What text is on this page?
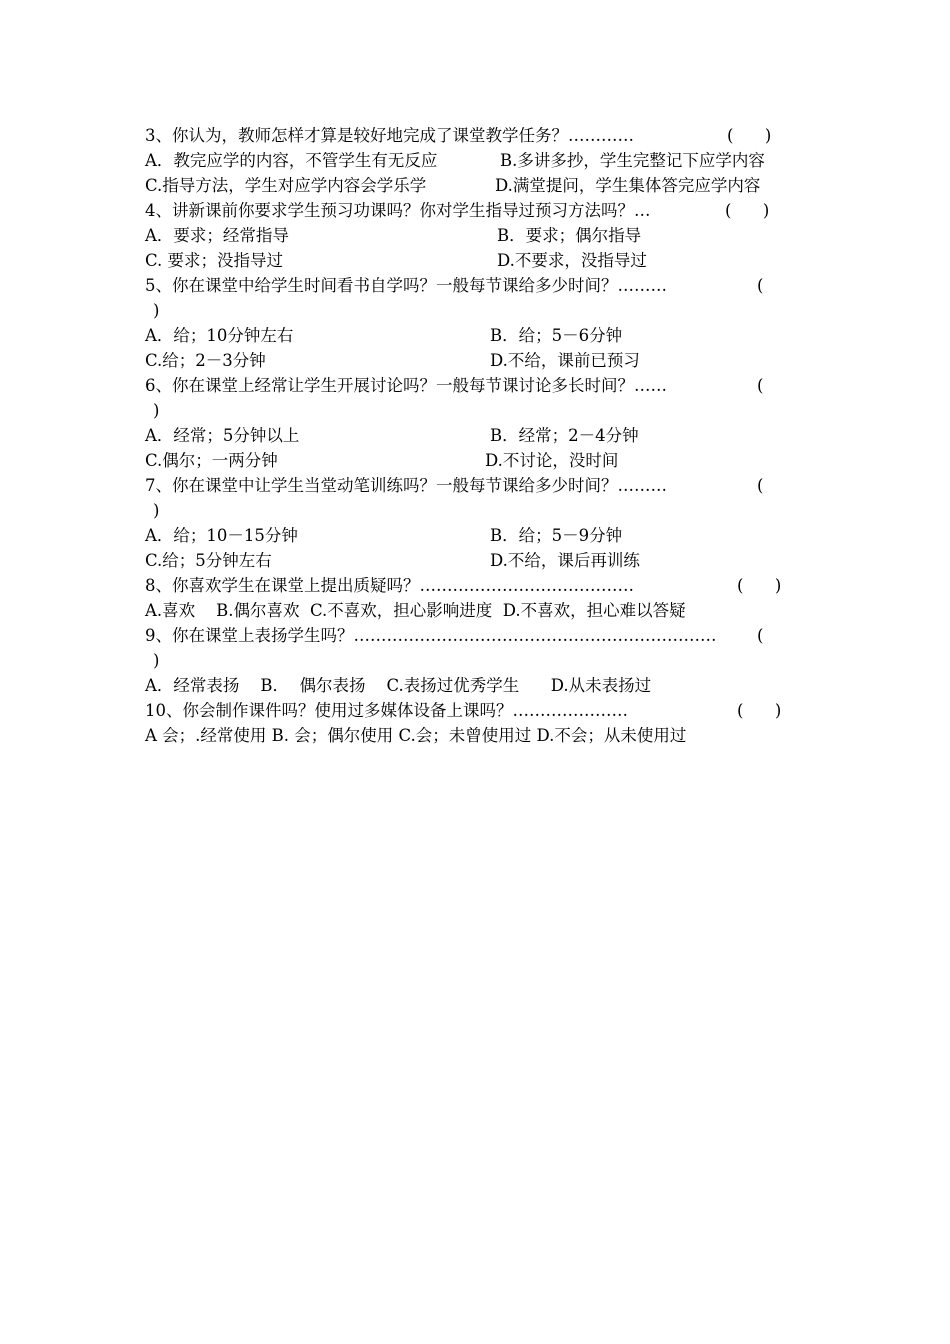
3、你认为，教师怎样才算是较好地完成了课堂教学任务？…………	(      )
A．教完应学的内容，不管学生有无反应	B.多讲多抄，学生完整记下应学内容
C.指导方法，学生对应学内容会学乐学	D.满堂提问，学生集体答完应学内容
4、讲新课前你要求学生预习功课吗？你对学生指导过预习方法吗？…	(      )
A．要求；经常指导	B．要求；偶尔指导
C. 要求；没指导过	D.不要求，没指导过
5、你在课堂中给学生时间看书自学吗？一般每节课给多少时间？………	(
)
A．给；10分钟左右	B．给；5－6分钟
C.给；2－3分钟	D.不给，课前已预习
6、你在课堂上经常让学生开展讨论吗？一般每节课讨论多长时间？……	(
)
A．经常；5分钟以上	B．经常；2－4分钟
C.偶尔；一两分钟	D.不讨论，没时间
7、你在课堂中让学生当堂动笔训练吗？一般每节课给多少时间？………	(
)
A．给；10－15分钟	B．给；5－9分钟
C.给；5分钟左右	D.不给，课后再训练
8、你喜欢学生在课堂上提出质疑吗？…………………………………	(      )
A.喜欢    B.偶尔喜欢  C.不喜欢，担心影响进度  D.不喜欢，担心难以答疑
9、你在课堂上表扬学生吗？………………………………………………………… (
)
A．经常表扬    B．  偶尔表扬    C.表扬过优秀学生      D.从未表扬过
10、你会制作课件吗？使用过多媒体设备上课吗？…………………	(      )
A 会；.经常使用 B. 会；偶尔使用 C.会；未曾使用过 D.不会；从未使用过
